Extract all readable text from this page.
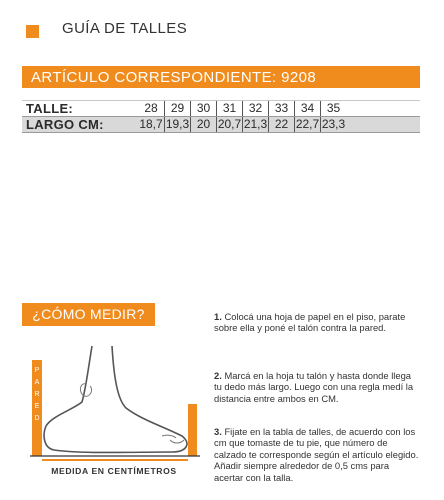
GUÍA DE TALLES
ARTÍCULO CORRESPONDIENTE: 9208
TALLE:	28	29	30	31	32	33	34	35
LARGO CM:	18,7 19,3 20 20,7 21,3 22 22,7 23,3
¿CÓMO MEDIR?
P
A
R
E
D
MEDIDA EN CENTÍMETROS
1. Colocá una hoja de papel en el piso, parate sobre ella y poné el talón contra la pared.
2. Marcá en la hoja tu talón y hasta donde llega tu dedo más largo. Luego con una regla medí la distancia entre ambos en CM.
3. Fijate en la tabla de talles, de acuerdo con los cm que tomaste de tu pie, que número de calzado te corresponde según el artículo elegido. Añadir siempre alrededor de 0,5 cms para acertar con la talla.
